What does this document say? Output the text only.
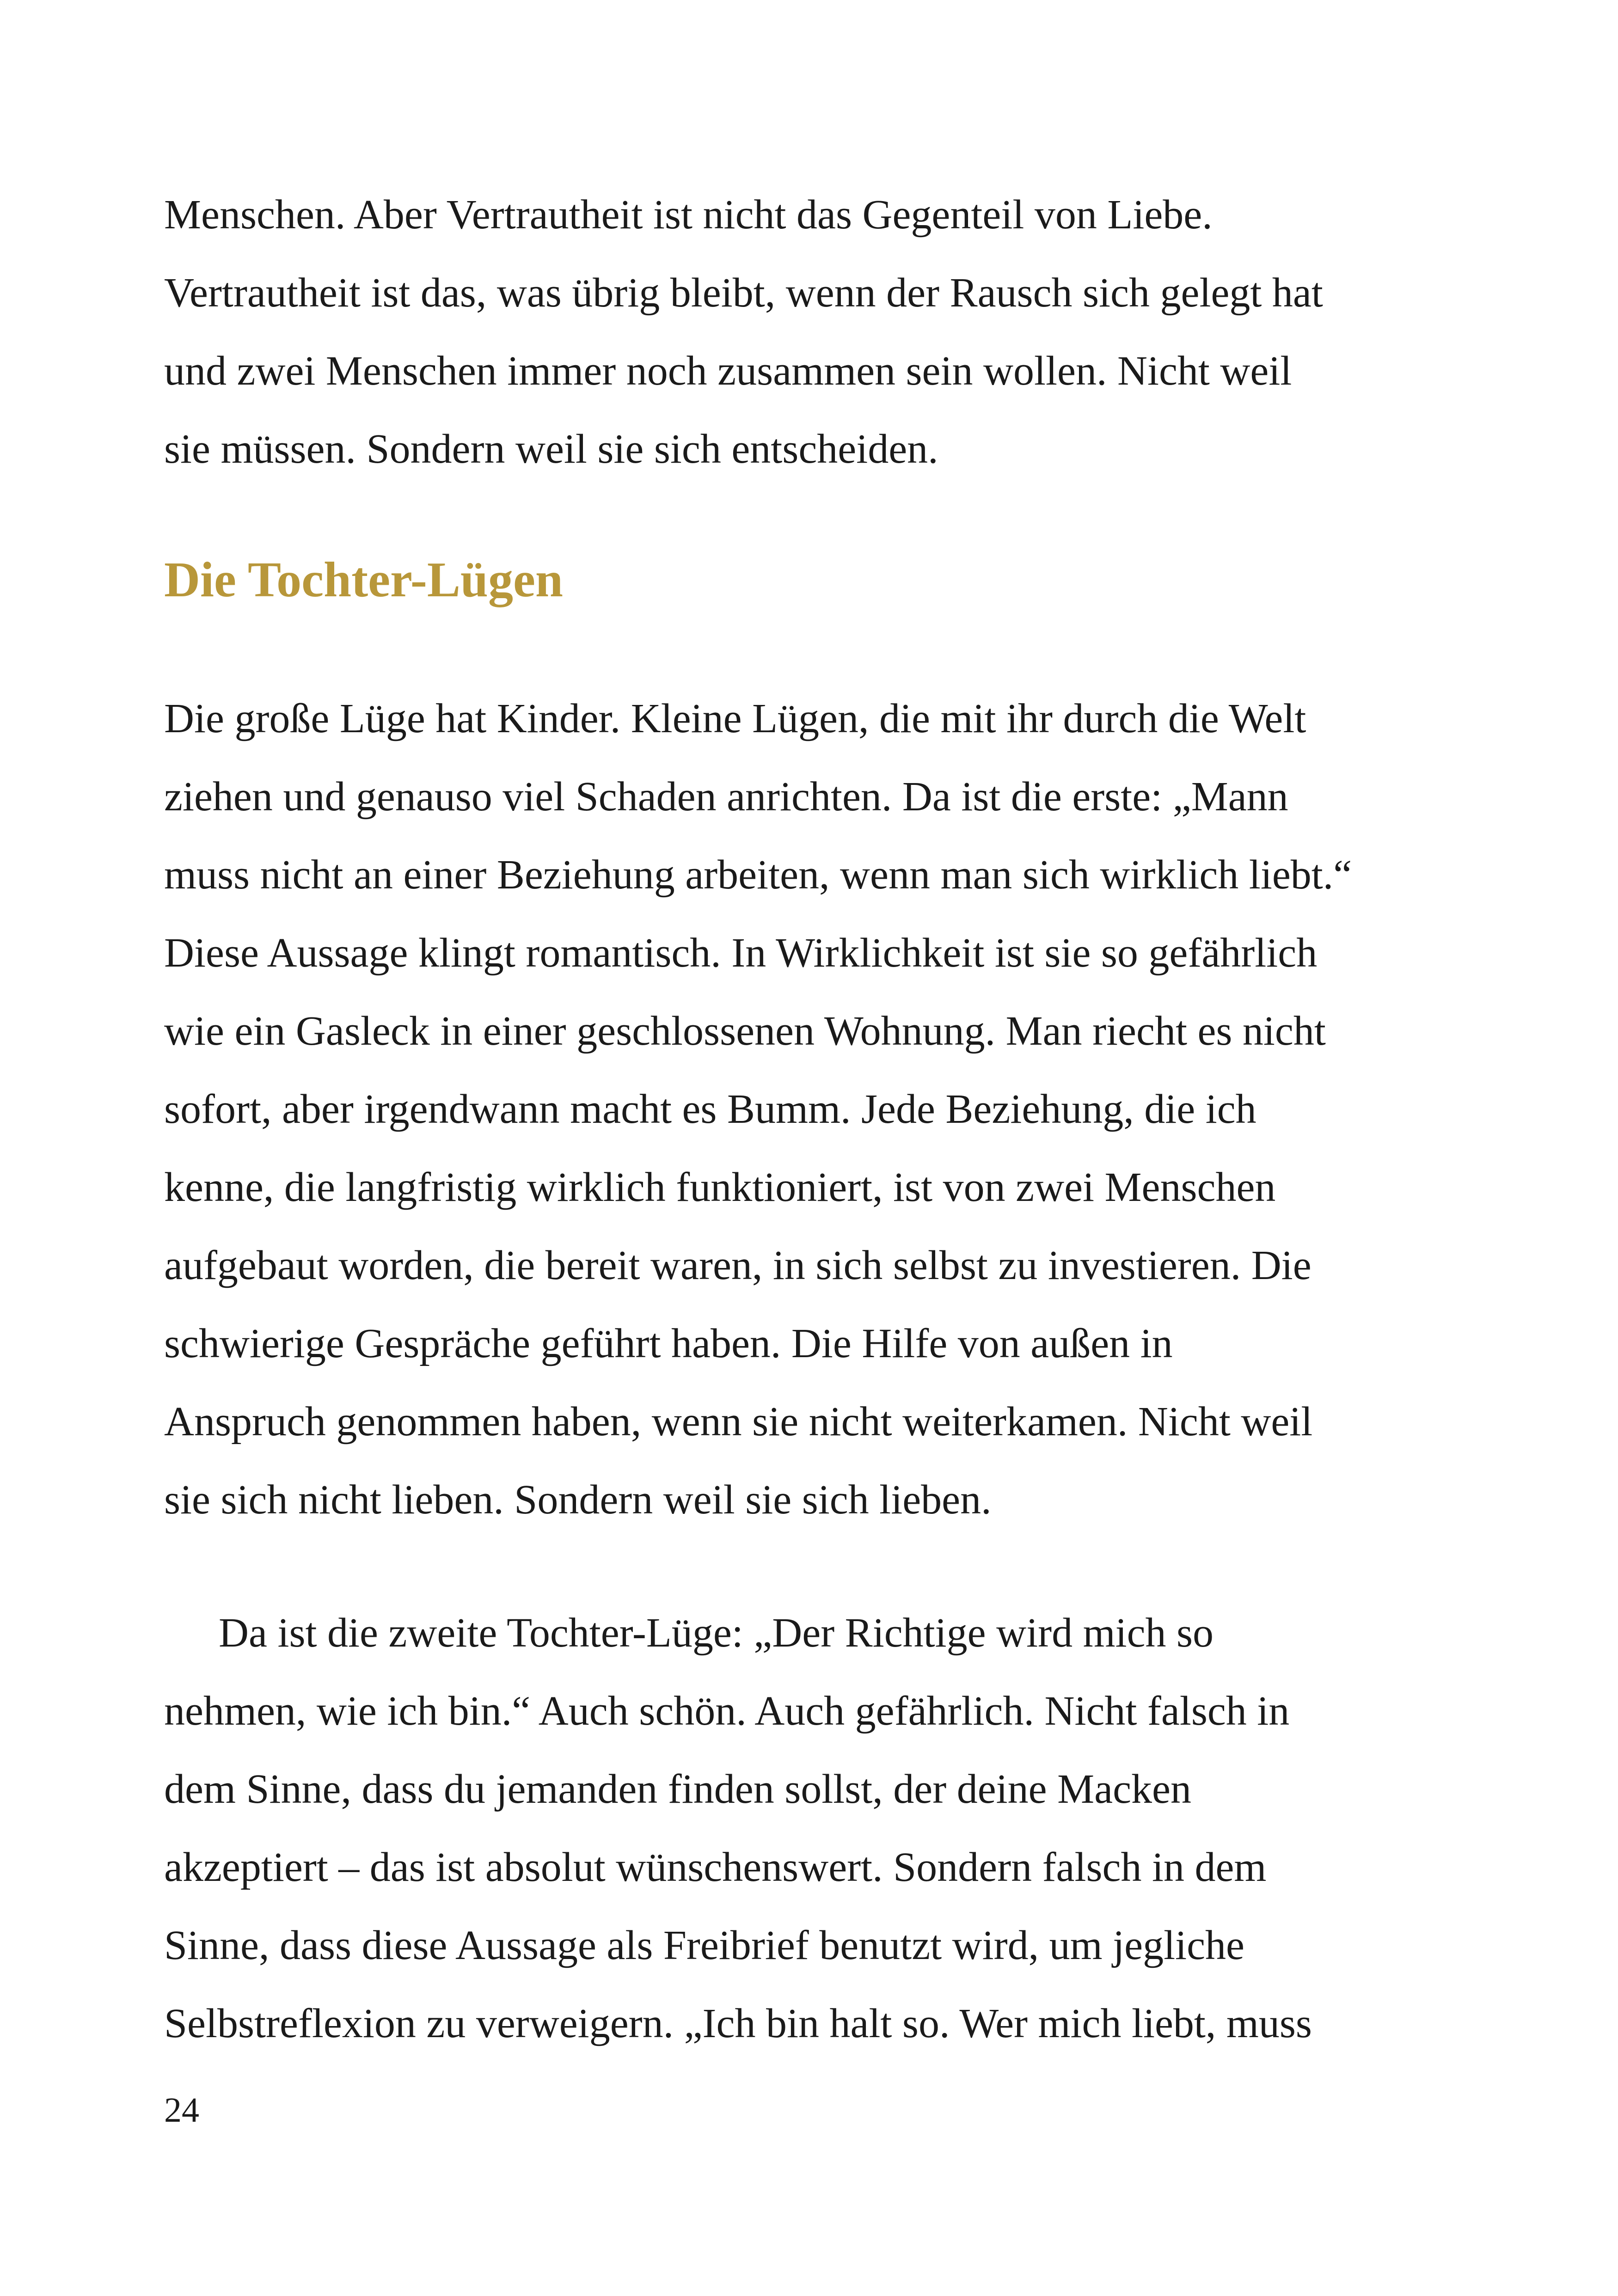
Menschen. Aber Vertrautheit ist nicht das Gegenteil von Liebe.
Vertrautheit ist das, was übrig bleibt, wenn der Rausch sich gelegt hat
und zwei Menschen immer noch zusammen sein wollen. Nicht weil
sie müssen. Sondern weil sie sich entscheiden.
Die Tochter-Lügen
Die große Lüge hat Kinder. Kleine Lügen, die mit ihr durch die Welt
ziehen und genauso viel Schaden anrichten. Da ist die erste: „Mann
muss nicht an einer Beziehung arbeiten, wenn man sich wirklich liebt.“
Diese Aussage klingt romantisch. In Wirklichkeit ist sie so gefährlich
wie ein Gasleck in einer geschlossenen Wohnung. Man riecht es nicht
sofort, aber irgendwann macht es Bumm. Jede Beziehung, die ich
kenne, die langfristig wirklich funktioniert, ist von zwei Menschen
aufgebaut worden, die bereit waren, in sich selbst zu investieren. Die
schwierige Gespräche geführt haben. Die Hilfe von außen in
Anspruch genommen haben, wenn sie nicht weiterkamen. Nicht weil
sie sich nicht lieben. Sondern weil sie sich lieben.
Da ist die zweite Tochter-Lüge: „Der Richtige wird mich so
nehmen, wie ich bin.“ Auch schön. Auch gefährlich. Nicht falsch in
dem Sinne, dass du jemanden finden sollst, der deine Macken
akzeptiert – das ist absolut wünschenswert. Sondern falsch in dem
Sinne, dass diese Aussage als Freibrief benutzt wird, um jegliche
Selbstreflexion zu verweigern. „Ich bin halt so. Wer mich liebt, muss
24
